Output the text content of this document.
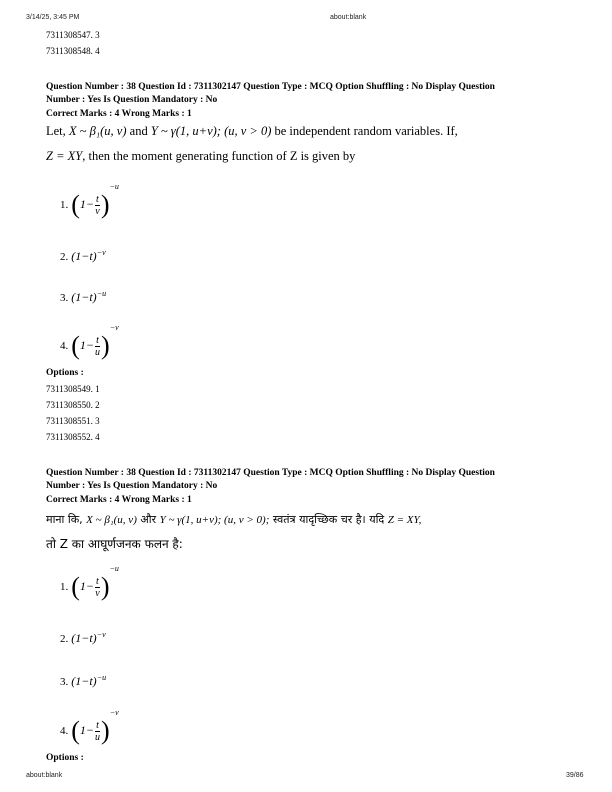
3/14/25, 3:45 PM	about:blank
7311308547. 3
7311308548. 4
Question Number : 38 Question Id : 7311302147 Question Type : MCQ Option Shuffling : No Display Question
Number : Yes Is Question Mandatory : No
Correct Marks : 4 Wrong Marks : 1
Let, X ~ β₁(u, v) and Y ~ γ(1, u+v); (u, v > 0) be independent random variables. If,
Z = XY, then the moment generating function of Z is given by
1. $(1- \frac{t}{v} )^{-u}$
2. $(1-t)^{-v}$
3. $(1-t)^{-u}$
4. $(1- \frac{t}{u} )^{-v}$
Options :
7311308549. 1
7311308550. 2
7311308551. 3
7311308552. 4
Question Number : 38 Question Id : 7311302147 Question Type : MCQ Option Shuffling : No Display Question
Number : Yes Is Question Mandatory : No
Correct Marks : 4 Wrong Marks : 1
माना कि, X ~ β₁(u, v) और Y ~ γ(1, u+v); (u, v > 0); स्वतंत्र यादृच्छिक चर है। यदि Z = XY,
तो Z का आघूर्णजनक फलन है:
1. $(1- \frac{t}{v} )^{-u}$
2. $(1-t)^{-v}$
3. $(1-t)^{-u}$
4. $(1- \frac{t}{u} )^{-v}$
Options :
about:blank	39/86
